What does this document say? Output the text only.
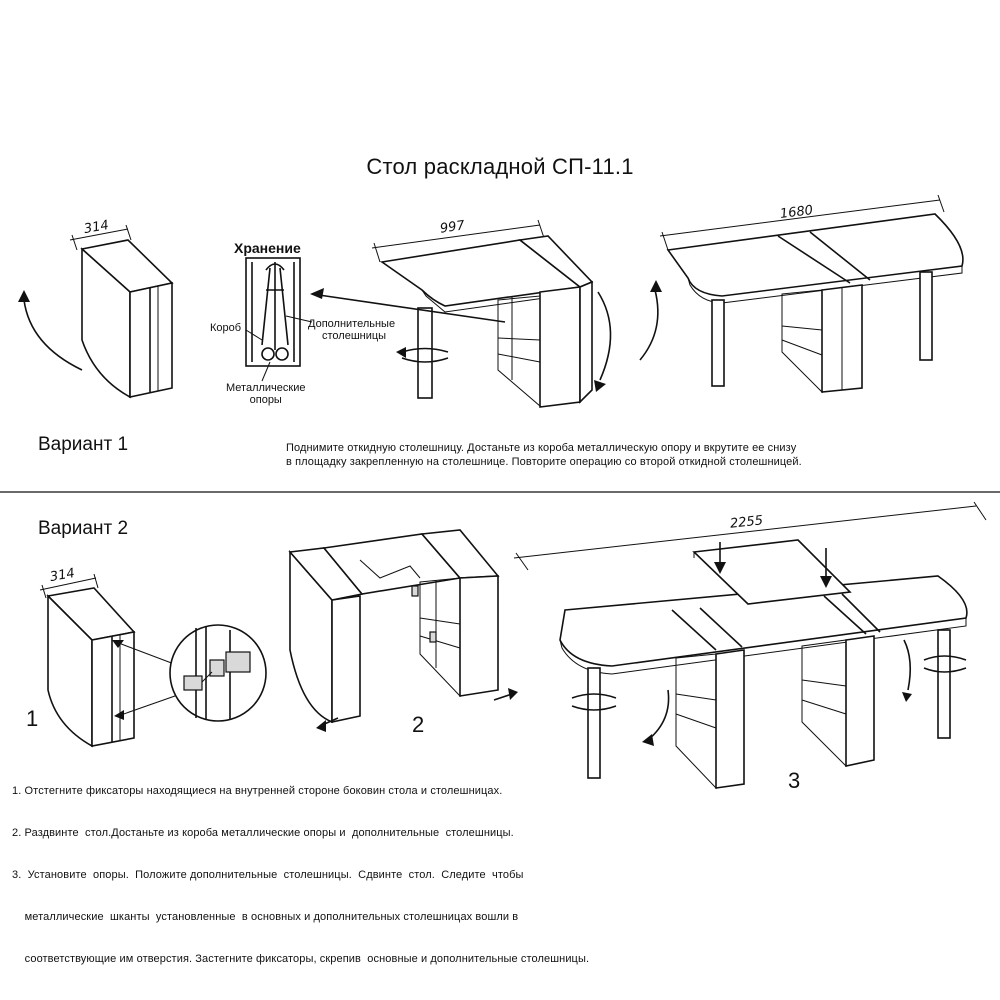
Стол раскладной СП-11.1
314	997
1680
Хранение
Короб	Дополнительные
столешницы
Металлические
опоры
Вариант 1	Поднимите откидную столешницу. Достаньте из короба металлическую опору и вкрутите ее снизу
в площадку закрепленную на столешнице. Повторите операцию со второй откидной столешницей.
Вариант 2
314
2255
1	2
3

1. Отстегните фиксаторы находящиеся на внутренней стороне боковин стола и столешницах.

2. Раздвинте  стол.Достаньте из короба металлические опоры и  дополнительные  столешницы.

3.  Установите  опоры.  Положите дополнительные  столешницы.  Сдвинте  стол.  Следите  чтобы

металлические  шканты  установленные  в основных и дополнительных столешницах вошли в

соответствующие им отверстия. Застегните фиксаторы, скрепив  основные и дополнительные столешницы.
